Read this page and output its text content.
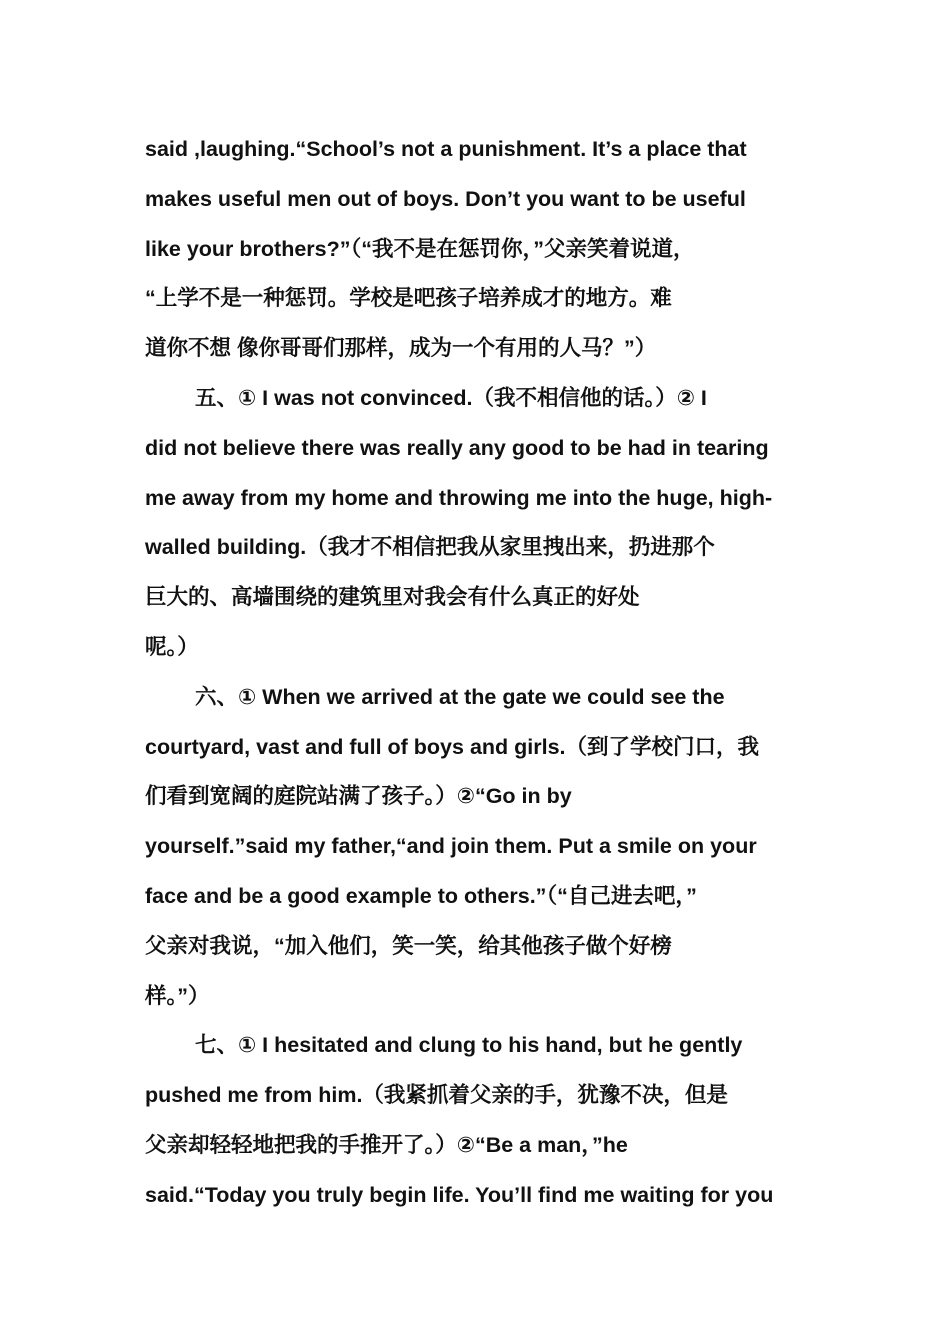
said ,laughing.“School’s not a punishment. It’s a place that
makes useful men out of boys. Don’t you want to be useful
like your brothers?”（“我不是在惩罚你，”父亲笑着说道，
“上学不是一种惩罚。学校是吧孩子培养成才的地方。难
道你不想 像你哥哥们那样，成为一个有用的人马？”）
五、① I was not convinced.（我不相信他的话。）② I
did not believe there was really any good to be had in tearing
me away from my home and throwing me into the huge, high-
walled building.（我才不相信把我从家里拽出来，扔进那个
巨大的、高墙围绕的建筑里对我会有什么真正的好处
呢。）
六、① When we arrived at the gate we could see the
courtyard, vast and full of boys and girls.（到了学校门口，我
们看到宽阔的庭院站满了孩子。）②“Go in by
yourself.”said my father,“and join them. Put a smile on your
face and be a good example to others.”（“自己进去吧，”
父亲对我说，“加入他们，笑一笑，给其他孩子做个好榜
样。”）
七、① I hesitated and clung to his hand, but he gently
pushed me from him.（我紧抓着父亲的手，犹豫不决，但是
父亲却轻轻地把我的手推开了。）②“Be a man，”he
said.“Today you truly begin life. You’ll find me waiting for you
